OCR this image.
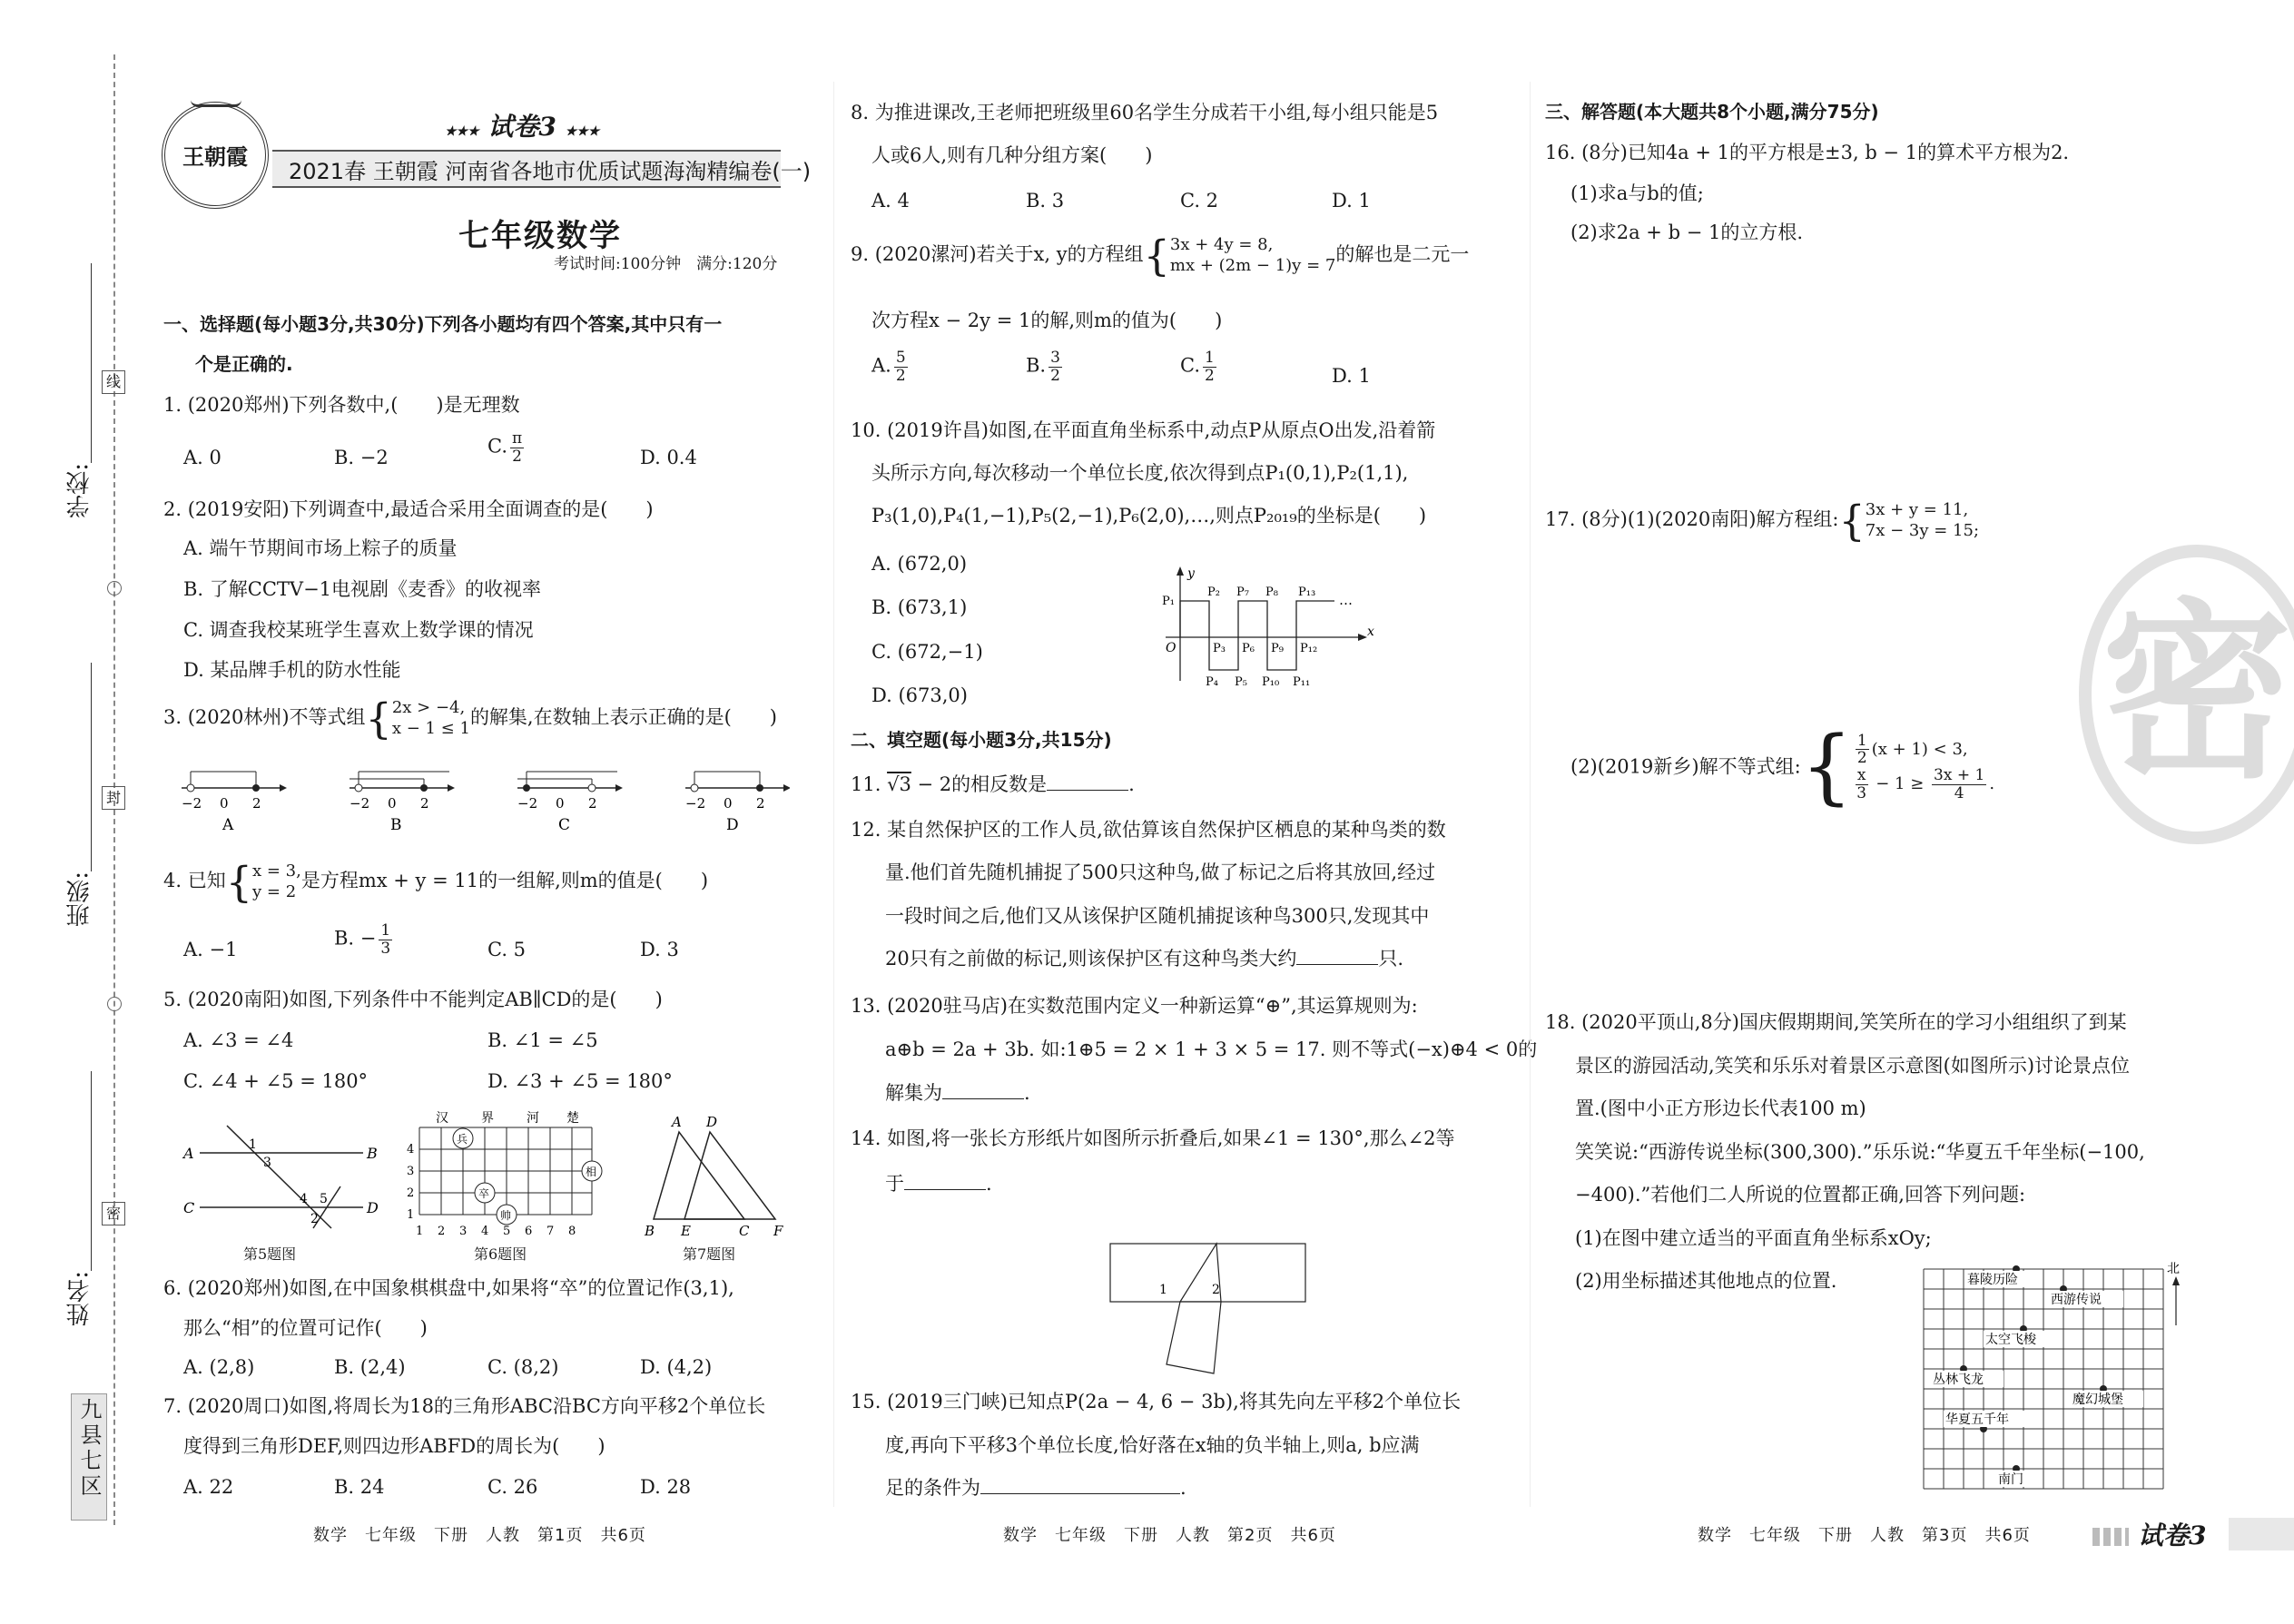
线
封
密
学校:
班级:
姓名:
九县七区
王朝霞
★★★ 试卷3 ★★★
2021春 王朝霞 河南省各地市优质试题海淘精编卷(一)
七年级数学
考试时间:100分钟　满分:120分
一、选择题(每小题3分,共30分)下列各小题均有四个答案,其中只有一
个是正确的.
1. (2020郑州)下列各数中,(　　)是无理数
A. 0	B. −2
C. $\frac{\pi}{2}$	D. 0.4
2. (2019安阳)下列调查中,最适合采用全面调查的是(　　)
A. 端午节期间市场上粽子的质量
B. 了解CCTV−1电视剧《麦香》的收视率
C. 调查我校某班学生喜欢上数学课的情况
D. 某品牌手机的防水性能
3. (2020林州)不等式组{2x > −4,
x − 1 ≤ 1的解集,在数轴上表示正确的是(　　)
−2 0 2
A
−2 0 2
B
−2 0 2
C
−2 0 2
D
4. 已知{x = 3,
y = 2是方程mx + y = 11的一组解,则m的值是(　　)
A. −1
B. − $\frac{1}{3}$	C. 5	D. 3
5. (2020南阳)如图,下列条件中不能判定AB∥CD的是(　　)
A. ∠3 = ∠4	B. ∠1 = ∠5
C. ∠4 + ∠5 = 180°	D. ∠3 + ∠5 = 180°
A	B
C	D
1
3
4 5
2
第5题图
汉	界	河 楚
兵
相
卒
帅
1
2
3
4
1 2 3 4 5 6 7 8
第6题图
A D
B E	C F
第7题图
6. (2020郑州)如图,在中国象棋棋盘中,如果将“卒”的位置记作(3,1),
那么“相”的位置可记作(　　)
A. (2,8)	B. (2,4)	C. (8,2)	D. (4,2)
7. (2020周口)如图,将周长为18的三角形ABC沿BC方向平移2个单位长
度得到三角形DEF,则四边形ABFD的周长为(　　)
A. 22	B. 24	C. 26	D. 28
数学　七年级　下册　人教　第1页　共6页
8. 为推进课改,王老师把班级里60名学生分成若干小组,每小组只能是5
人或6人,则有几种分组方案(　　)
A. 4	B. 3	C. 2	D. 1
9. (2020漯河)若关于x, y的方程组{3x + 4y = 8,
mx + (2m − 1)y = 7的解也是二元一
次方程x − 2y = 1的解,则m的值为(　　)
A. $\frac{5}{2}$	B. $\frac{3}{2}$	C. $\frac{1}{2}$	D. 1
10. (2019许昌)如图,在平面直角坐标系中,动点P从原点O出发,沿着箭
头所示方向,每次移动一个单位长度,依次得到点P₁(0,1),P₂(1,1),
P₃(1,0),P₄(1,−1),P₅(2,−1),P₆(2,0),…,则点P₂₀₁₉的坐标是(　　)
A. (672,0)
B. (673,1)
C. (672,−1)
D. (673,0)
y
x
O
P₁
P₂ P₇ P₈ P₁₃ …
P₃ P₆ P₉ P₁₂
P₄ P₅ P₁₀ P₁₁
二、填空题(每小题3分,共15分)
11. √3 − 2的相反数是	.
12. 某自然保护区的工作人员,欲估算该自然保护区栖息的某种鸟类的数
量.他们首先随机捕捉了500只这种鸟,做了标记之后将其放回,经过
一段时间之后,他们又从该保护区随机捕捉该种鸟300只,发现其中
20只有之前做的标记,则该保护区有这种鸟类大约	只.
13. (2020驻马店)在实数范围内定义一种新运算“⊕”,其运算规则为:
a⊕b = 2a + 3b. 如:1⊕5 = 2 × 1 + 3 × 5 = 17. 则不等式(−x)⊕4 < 0的
解集为	.
14. 如图,将一张长方形纸片如图所示折叠后,如果∠1 = 130°,那么∠2等
于	.
1	2
15. (2019三门峡)已知点P(2a − 4, 6 − 3b),将其先向左平移2个单位长
度,再向下平移3个单位长度,恰好落在x轴的负半轴上,则a, b应满
足的条件为	.
数学　七年级　下册　人教　第2页　共6页
三、解答题(本大题共8个小题,满分75分)
16. (8分)已知4a + 1的平方根是±3, b − 1的算术平方根为2.
(1)求a与b的值;
(2)求2a + b − 1的立方根.
17. (8分)(1)(2020南阳)解方程组:{3x + y = 11,
7x − 3y = 15;
(2)(2019新乡)解不等式组:{ $\frac{1}{2} (x + 1) < 3$,

$\frac{x}{3} - 1 \ge \frac{3x + 1}{4}$ . 密
18. (2020平顶山,8分)国庆假期期间,笑笑所在的学习小组组织了到某
景区的游园活动,笑笑和乐乐对着景区示意图(如图所示)讨论景点位
置.(图中小正方形边长代表100 m)
笑笑说:“西游传说坐标(300,300).”乐乐说:“华夏五千年坐标(−100,
−400).”若他们二人所说的位置都正确,回答下列问题:
(1)在图中建立适当的平面直角坐标系xOy;
(2)用坐标描述其他地点的位置.	暮陵历险
西游传说
太空飞梭
丛林飞龙
魔幻城堡
华夏五千年
南门
北
数学　七年级　下册　人教　第3页　共6页	试卷3
